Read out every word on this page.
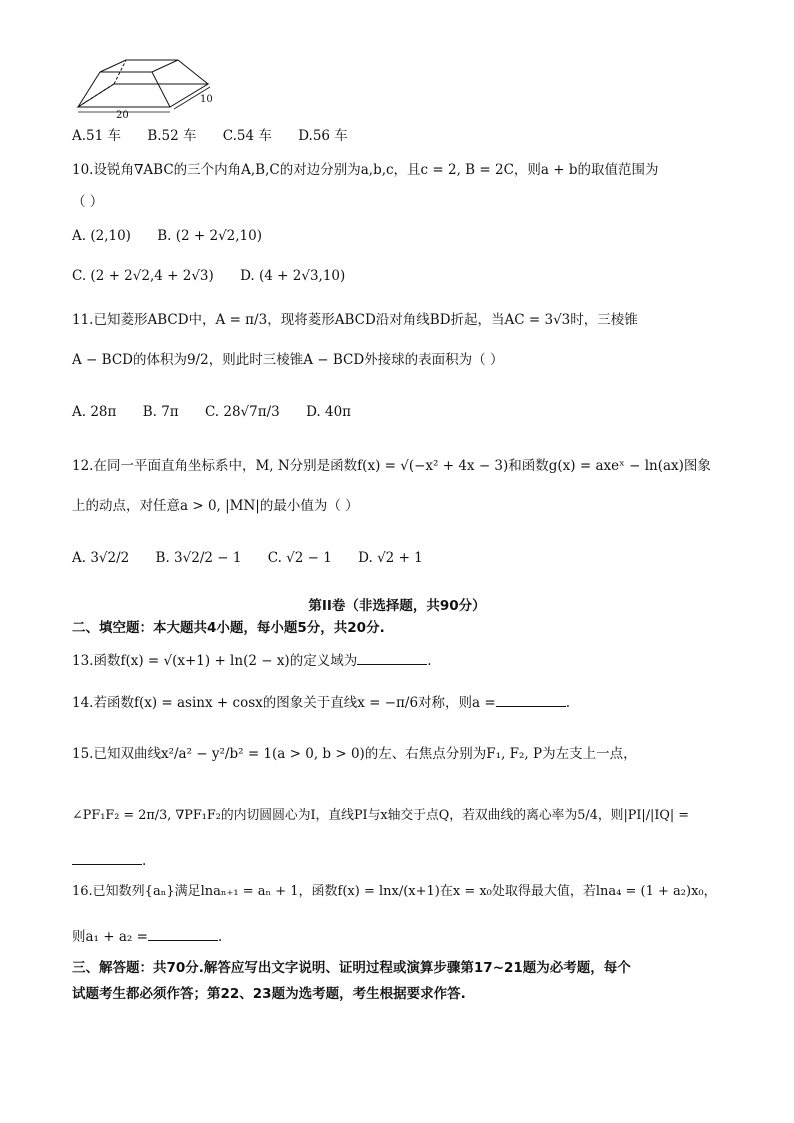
20
10
A.51 车 B.52 车 C.54 车 D.56 车
10.设锐角∇ABC的三个内角A,B,C的对边分别为a,b,c，且c = 2, B = 2C，则a + b的取值范围为
（ ）
A. (2,10) B. (2 + 2√2,10)
C. (2 + 2√2,4 + 2√3) D. (4 + 2√3,10)
11.已知菱形ABCD中，A = π/3，现将菱形ABCD沿对角线BD折起，当AC = 3√3时，三棱锥
A − BCD的体积为9/2，则此时三棱锥A − BCD外接球的表面积为（ ）
A. 28π B. 7π C. 28√7π/3 D. 40π
12.在同一平面直角坐标系中，M, N分别是函数f(x) = √(−x² + 4x − 3)和函数g(x) = axeˣ − ln(ax)图象
上的动点，对任意a > 0, |MN|的最小值为（ ）
A. 3√2/2 B. 3√2/2 − 1 C. √2 − 1 D. √2 + 1
第II卷（非选择题，共90分）
二、填空题：本大题共4小题，每小题5分，共20分.
13.函数f(x) = √(x+1) + ln(2 − x)的定义域为	.
14.若函数f(x) = asinx + cosx的图象关于直线x = −π/6对称，则a =	.
15.已知双曲线x²/a² − y²/b² = 1(a > 0, b > 0)的左、右焦点分别为F₁, F₂, P为左支上一点，
∠PF₁F₂ = 2π/3, ∇PF₁F₂的内切圆圆心为I，直线PI与x轴交于点Q，若双曲线的离心率为5/4，则|PI|/|IQ| =
.
16.已知数列{aₙ}满足lnaₙ₊₁ = aₙ + 1，函数f(x) = lnx/(x+1)在x = x₀处取得最大值，若lna₄ = (1 + a₂)x₀，
则a₁ + a₂ =	.
三、解答题：共70分.解答应写出文字说明、证明过程或演算步骤第17~21题为必考题，每个
试题考生都必须作答；第22、23题为选考题，考生根据要求作答.
